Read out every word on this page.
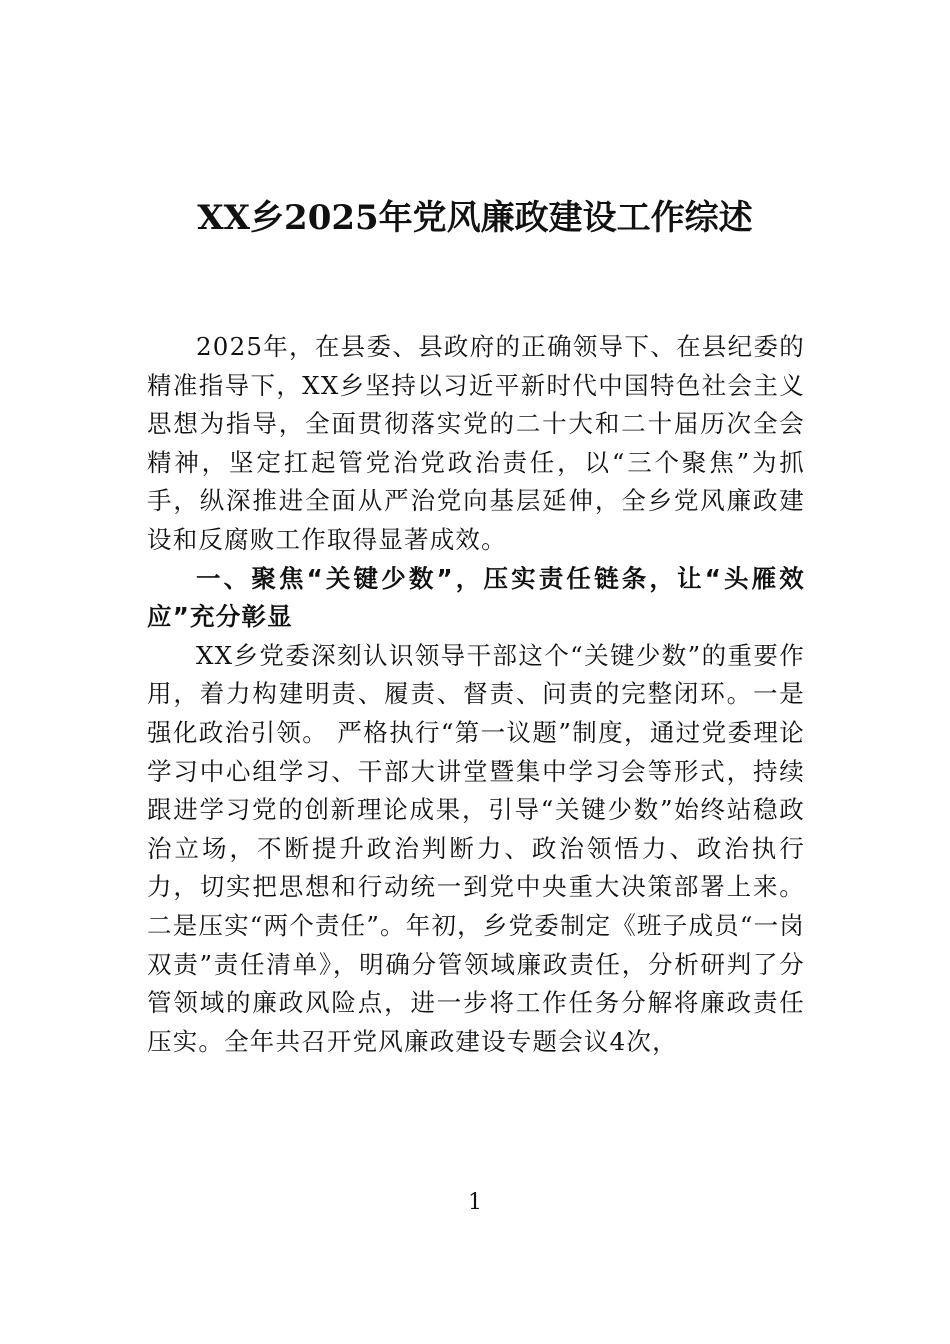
XX乡2025年党风廉政建设工作综述

2025年，在县委、县政府的正确领导下、在县纪委的精准指导下，XX乡坚持以习近平新时代中国特色社会主义思想为指导，全面贯彻落实党的二十大和二十届历次全会精神，坚定扛起管党治党政治责任，以“三个聚焦”为抓手，纵深推进全面从严治党向基层延伸，全乡党风廉政建设和反腐败工作取得显著成效。

一、聚焦“关键少数”，压实责任链条，让“头雁效应”充分彰显

XX乡党委深刻认识领导干部这个“关键少数”的重要作用，着力构建明责、履责、督责、问责的完整闭环。一是强化政治引领。 严格执行“第一议题”制度，通过党委理论学习中心组学习、干部大讲堂暨集中学习会等形式，持续跟进学习党的创新理论成果，引导“关键少数”始终站稳政治立场，不断提升政治判断力、政治领悟力、政治执行力，切实把思想和行动统一到党中央重大决策部署上来。二是压实“两个责任”。年初，乡党委制定《班子成员“一岗双责”责任清单》，明确分管领域廉政责任，分析研判了分管领域的廉政风险点，进一步将工作任务分解将廉政责任压实。全年共召开党风廉政建设专题会议4次，

1
